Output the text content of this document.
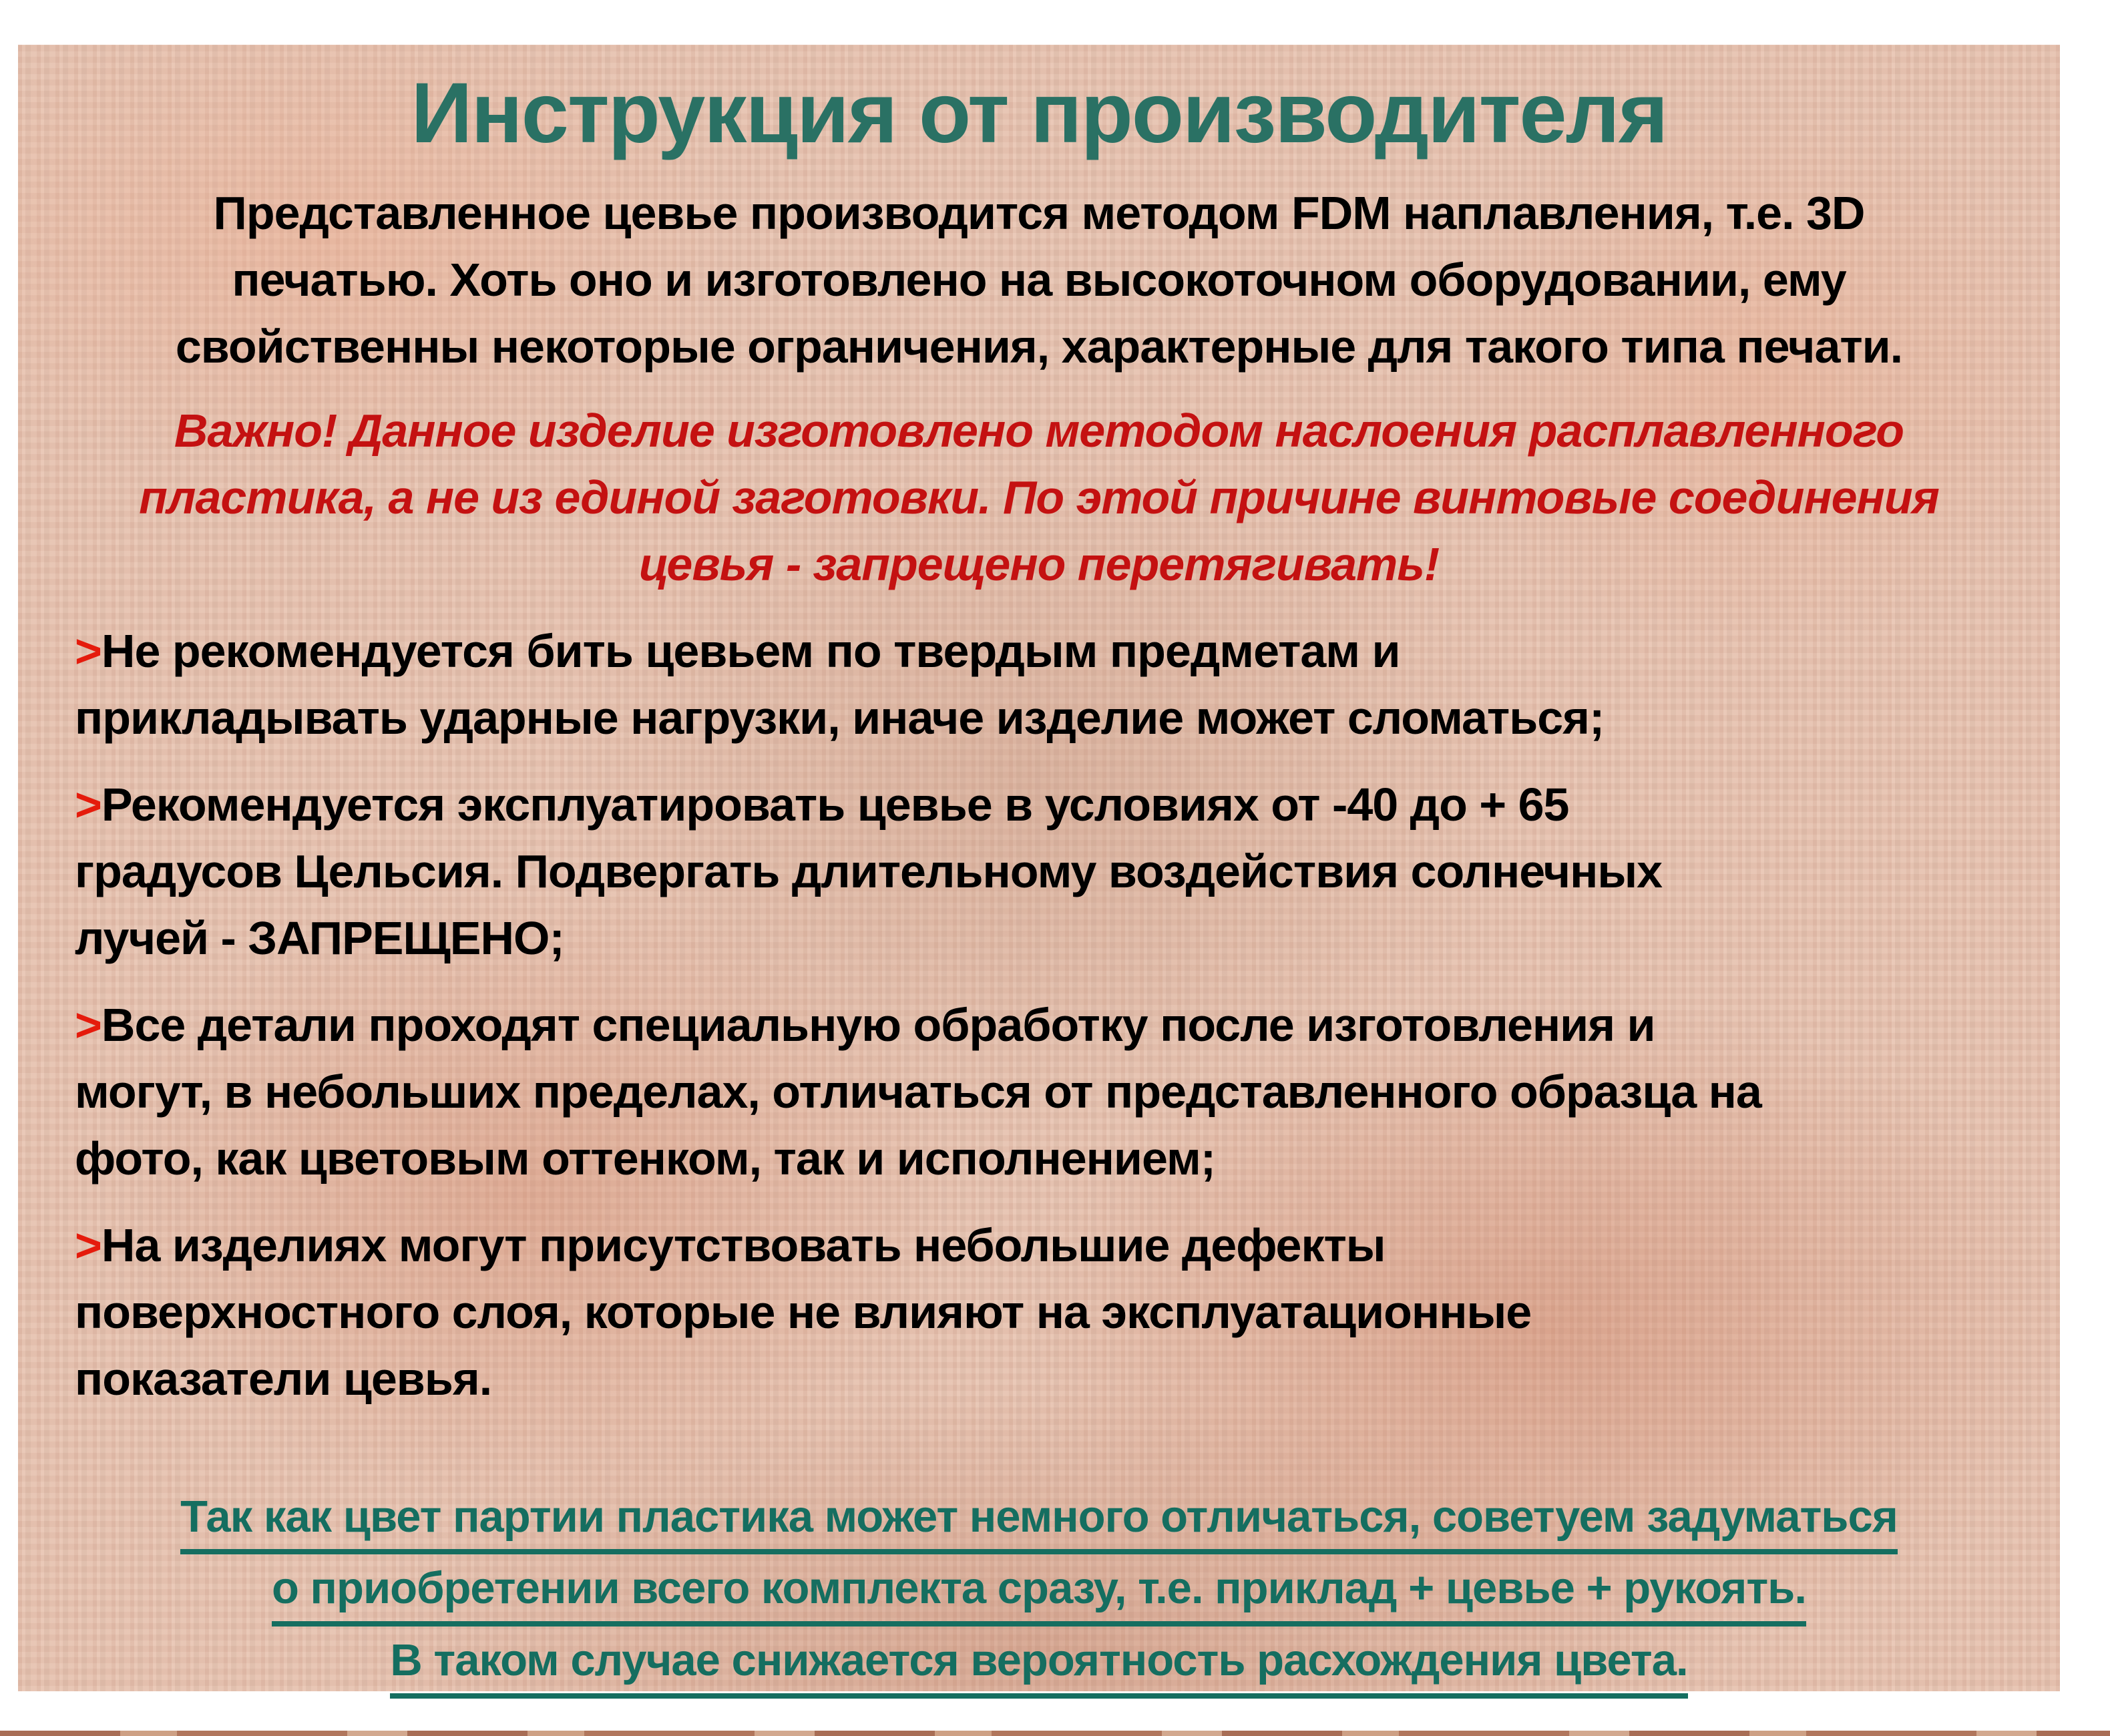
Инструкция от производителя
Представленное цевье производится методом FDM наплавления, т.е. 3D
печатью. Хоть оно и изготовлено на высокоточном оборудовании, ему
свойственны некоторые ограничения, характерные для такого типа печати.
Важно! Данное изделие изготовлено методом наслоения расплавленного
пластика, а не из единой заготовки. По этой причине винтовые соединения
цевья - запрещено перетягивать!
>Не рекомендуется бить цевьем по твердым предметам и
прикладывать ударные нагрузки, иначе изделие может сломаться;
>Рекомендуется эксплуатировать цевье в условиях от -40 до + 65
градусов Цельсия. Подвергать длительному воздействия солнечных
лучей - ЗАПРЕЩЕНО;
>Все детали проходят специальную обработку после изготовления и
могут, в небольших пределах, отличаться от представленного образца на
фото, как цветовым оттенком, так и исполнением;
>На изделиях могут присутствовать небольшие дефекты
поверхностного слоя, которые не влияют на эксплуатационные
показатели цевья.
Так как цвет партии пластика может немного отличаться, советуем задуматься
о приобретении всего комплекта сразу, т.е. приклад + цевье + рукоять.
В таком случае снижается вероятность расхождения цвета.
